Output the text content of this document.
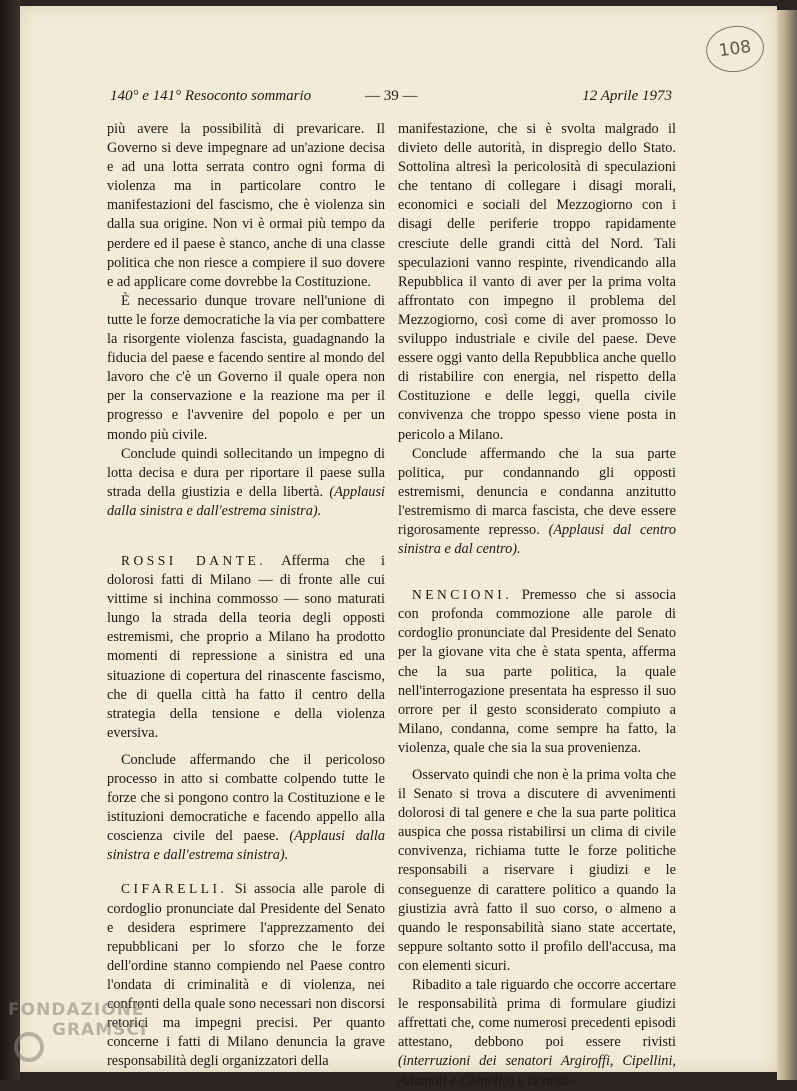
108
140° e 141° Resoconto sommario	— 39 —	12 Aprile 1973

più avere la possibilità di prevaricare. Il Governo si deve impegnare ad un'azione decisa e ad una lotta serrata contro ogni forma di violenza ma in particolare contro le manifestazioni del fascismo, che è violenza sin dalla sua origine. Non vi è ormai più tempo da perdere ed il paese è stanco, anche di una classe politica che non riesce a compiere il suo dovere e ad applicare come dovrebbe la Costituzione.

È necessario dunque trovare nell'unione di tutte le forze democratiche la via per combattere la risorgente violenza fascista, guadagnando la fiducia del paese e facendo sentire al mondo del lavoro che c'è un Governo il quale opera non per la conservazione e la reazione ma per il progresso e l'avvenire del popolo e per un mondo più civile.

Conclude quindi sollecitando un impegno di lotta decisa e dura per riportare il paese sulla strada della giustizia e della libertà. (Applausi dalla sinistra e dall'estrema sinistra).

ROSSI DANTE. Afferma che i dolorosi fatti di Milano — di fronte alle cui vittime si inchina commosso — sono maturati lungo la strada della teoria degli opposti estremismi, che proprio a Milano ha prodotto momenti di repressione a sinistra ed una situazione di copertura del rinascente fascismo, che di quella città ha fatto il centro della strategia della tensione e della violenza eversiva.

Conclude affermando che il pericoloso processo in atto si combatte colpendo tutte le forze che si pongono contro la Costituzione e le istituzioni democratiche e facendo appello alla coscienza civile del paese. (Applausi dalla sinistra e dall'estrema sinistra).

CIFARELLI. Si associa alle parole di cordoglio pronunciate dal Presidente del Senato e desidera esprimere l'apprezzamento dei repubblicani per lo sforzo che le forze dell'ordine stanno compiendo nel Paese contro l'ondata di criminalità e di violenza, nei confronti della quale sono necessari non discorsi retorici ma impegni precisi. Per quanto concerne i fatti di Milano denuncia la grave responsabilità degli organizzatori della

manifestazione, che si è svolta malgrado il divieto delle autorità, in dispregio dello Stato. Sottolina altresì la pericolosità di speculazioni che tentano di collegare i disagi morali, economici e sociali del Mezzogiorno con i disagi delle periferie troppo rapidamente cresciute delle grandi città del Nord. Tali speculazioni vanno respinte, rivendicando alla Repubblica il vanto di aver per la prima volta affrontato con impegno il problema del Mezzogiorno, così come di aver promosso lo sviluppo industriale e civile del paese. Deve essere oggi vanto della Repubblica anche quello di ristabilire con energia, nel rispetto della Costituzione e delle leggi, quella civile convivenza che troppo spesso viene posta in pericolo a Milano.

Conclude affermando che la sua parte politica, pur condannando gli opposti estremismi, denuncia e condanna anzitutto l'estremismo di marca fascista, che deve essere rigorosamente represso. (Applausi dal centro sinistra e dal centro).

NENCIONI. Premesso che si associa con profonda commozione alle parole di cordoglio pronunciate dal Presidente del Senato per la giovane vita che è stata spenta, afferma che la sua parte politica, la quale nell'interrogazione presentata ha espresso il suo orrore per il gesto sconsiderato compiuto a Milano, condanna, come sempre ha fatto, la violenza, quale che sia la sua provenienza.

Osservato quindi che non è la prima volta che il Senato si trova a discutere di avvenimenti dolorosi di tal genere e che la sua parte politica auspica che possa ristabilirsi un clima di civile convivenza, richiama tutte le forze politiche responsabili a riservare i giudizi e le conseguenze di carattere politico a quando la giustizia avrà fatto il suo corso, o almeno a quando le responsabilità siano state accertate, seppure soltanto sotto il profilo dell'accusa, ma con elementi sicuri.

Ribadito a tale riguardo che occorre accertare le responsabilità prima di formulare giudizi affrettati che, come numerosi precedenti episodi attestano, debbono poi essere rivisti (interruzioni dei senatori Argiroffi, Cipellini, Adamoli e Chinello) e ricorda-

FONDAZIONE
GRAMSCI
